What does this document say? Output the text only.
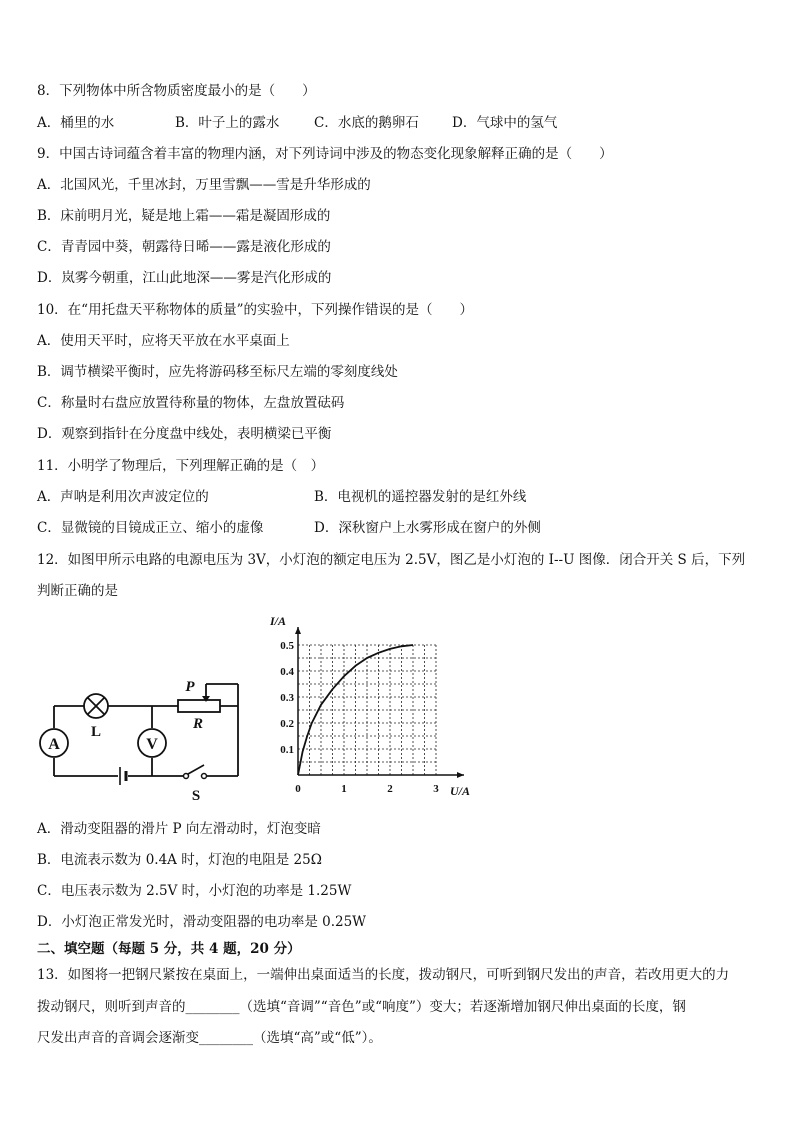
8．下列物体中所含物质密度最小的是（　　）
A．桶里的水	B．叶子上的露水	C．水底的鹅卵石 D．气球中的氢气
9．中国古诗词蕴含着丰富的物理内涵，对下列诗词中涉及的物态变化现象解释正确的是（　　）
A．北国风光，千里冰封，万里雪飘——雪是升华形成的
B．床前明月光，疑是地上霜——霜是凝固形成的
C．青青园中葵，朝露待日晞——露是液化形成的
D．岚雾今朝重，江山此地深——雾是汽化形成的
10．在“用托盘天平称物体的质量”的实验中，下列操作错误的是（　　）
A．使用天平时，应将天平放在水平桌面上
B．调节横梁平衡时，应先将游码移至标尺左端的零刻度线处
C．称量时右盘应放置待称量的物体，左盘放置砝码
D．观察到指针在分度盘中线处，表明横梁已平衡
11．小明学了物理后，下列理解正确的是（　）
A．声呐是利用次声波定位的	B．电视机的遥控器发射的是红外线
C．显微镜的目镜成正立、缩小的虚像	D．深秋窗户上水雾形成在窗户的外侧
12．如图甲所示电路的电源电压为 3V，小灯泡的额定电压为 2.5V，图乙是小灯泡的 I--U 图像．闭合开关 S 后，下列
判断正确的是
A
L
V
P
R
S	0	1	2	3
0.1
0.2
0.3
0.4
0.5
I/A
U/A
A．滑动变阻器的滑片 P 向左滑动时，灯泡变暗
B．电流表示数为 0.4A 时，灯泡的电阻是 25Ω
C．电压表示数为 2.5V 时，小灯泡的功率是 1.25W
D．小灯泡正常发光时，滑动变阻器的电功率是 0.25W
二、填空题（每题 5 分，共 4 题，20 分）
13．如图将一把钢尺紧按在桌面上，一端伸出桌面适当的长度，拨动钢尺，可听到钢尺发出的声音，若改用更大的力
拨动钢尺，则听到声音的________（选填“音调”“音色”或“响度”）变大；若逐渐增加钢尺伸出桌面的长度，钢
尺发出声音的音调会逐渐变________（选填“高”或“低”）。
